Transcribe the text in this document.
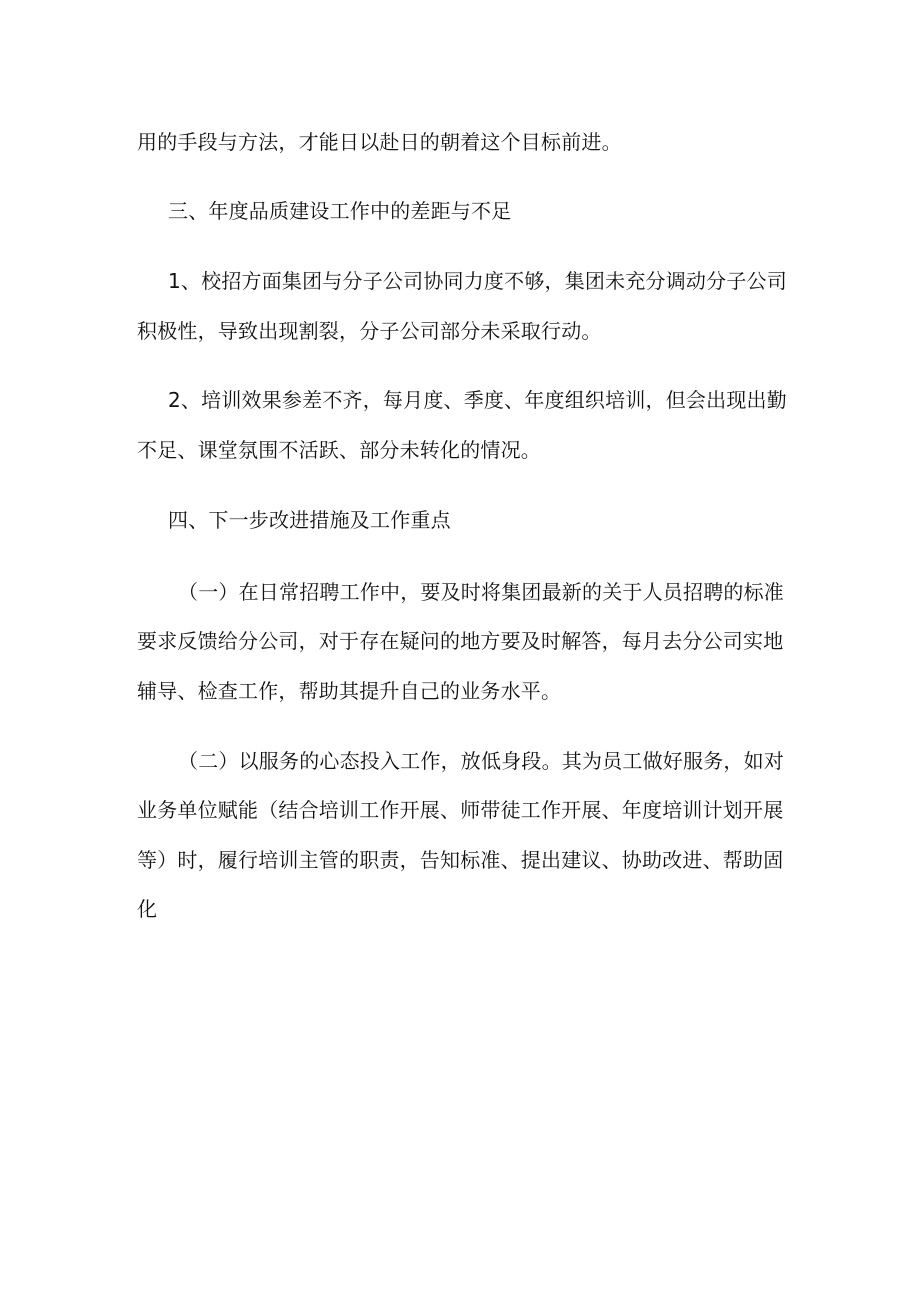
用的手段与方法，才能日以赴日的朝着这个目标前进。
三、年度品质建设工作中的差距与不足
1、校招方面集团与分子公司协同力度不够，集团未充分调动分子公司
积极性，导致出现割裂，分子公司部分未采取行动。
2、培训效果参差不齐，每月度、季度、年度组织培训，但会出现出勤
不足、课堂氛围不活跃、部分未转化的情况。
四、下一步改进措施及工作重点
（一）在日常招聘工作中，要及时将集团最新的关于人员招聘的标准
要求反馈给分公司，对于存在疑问的地方要及时解答，每月去分公司实地
辅导、检查工作，帮助其提升自己的业务水平。
（二）以服务的心态投入工作，放低身段。其为员工做好服务，如对
业务单位赋能（结合培训工作开展、师带徒工作开展、年度培训计划开展
等）时，履行培训主管的职责，告知标准、提出建议、协助改进、帮助固
化
